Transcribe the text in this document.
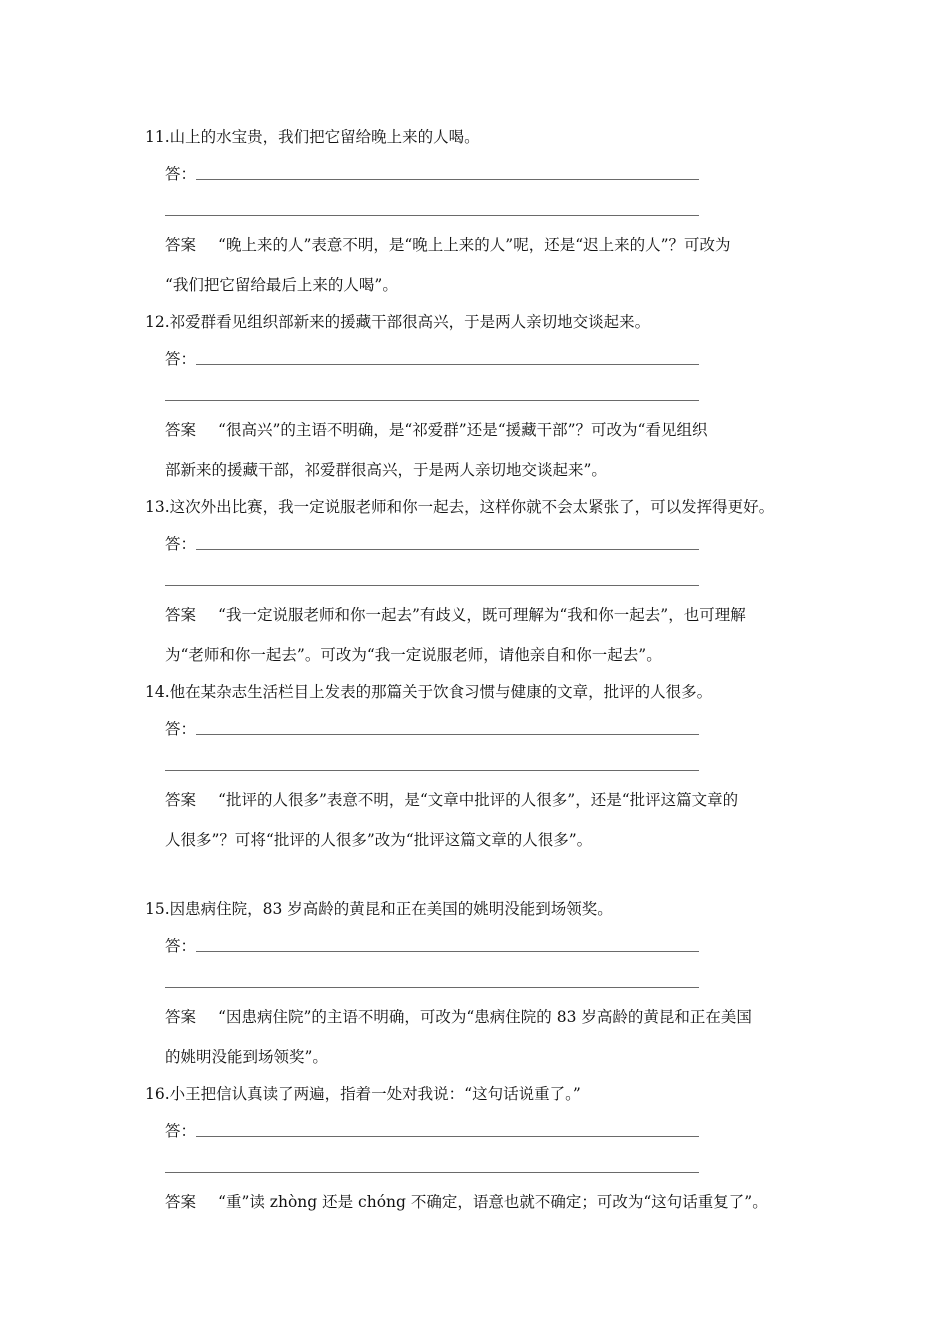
11.山上的水宝贵，我们把它留给晚上来的人喝。
答：
答案 “晚上来的人”表意不明，是“晚上上来的人”呢，还是“迟上来的人”？可改为
“我们把它留给最后上来的人喝”。
12.祁爱群看见组织部新来的援藏干部很高兴，于是两人亲切地交谈起来。
答：
答案 “很高兴”的主语不明确，是“祁爱群”还是“援藏干部”？可改为“看见组织
部新来的援藏干部，祁爱群很高兴，于是两人亲切地交谈起来”。
13.这次外出比赛，我一定说服老师和你一起去，这样你就不会太紧张了，可以发挥得更好。
答：
答案 “我一定说服老师和你一起去”有歧义，既可理解为“我和你一起去”，也可理解
为“老师和你一起去”。可改为“我一定说服老师，请他亲自和你一起去”。
14.他在某杂志生活栏目上发表的那篇关于饮食习惯与健康的文章，批评的人很多。
答：
答案 “批评的人很多”表意不明，是“文章中批评的人很多”，还是“批评这篇文章的
人很多”？可将“批评的人很多”改为“批评这篇文章的人很多”。
15.因患病住院，83 岁高龄的黄昆和正在美国的姚明没能到场领奖。
答：
答案 “因患病住院”的主语不明确，可改为“患病住院的 83 岁高龄的黄昆和正在美国
的姚明没能到场领奖”。
16.小王把信认真读了两遍，指着一处对我说：“这句话说重了。”
答：
答案 “重”读 zhòng 还是 chóng 不确定，语意也就不确定；可改为“这句话重复了”。
